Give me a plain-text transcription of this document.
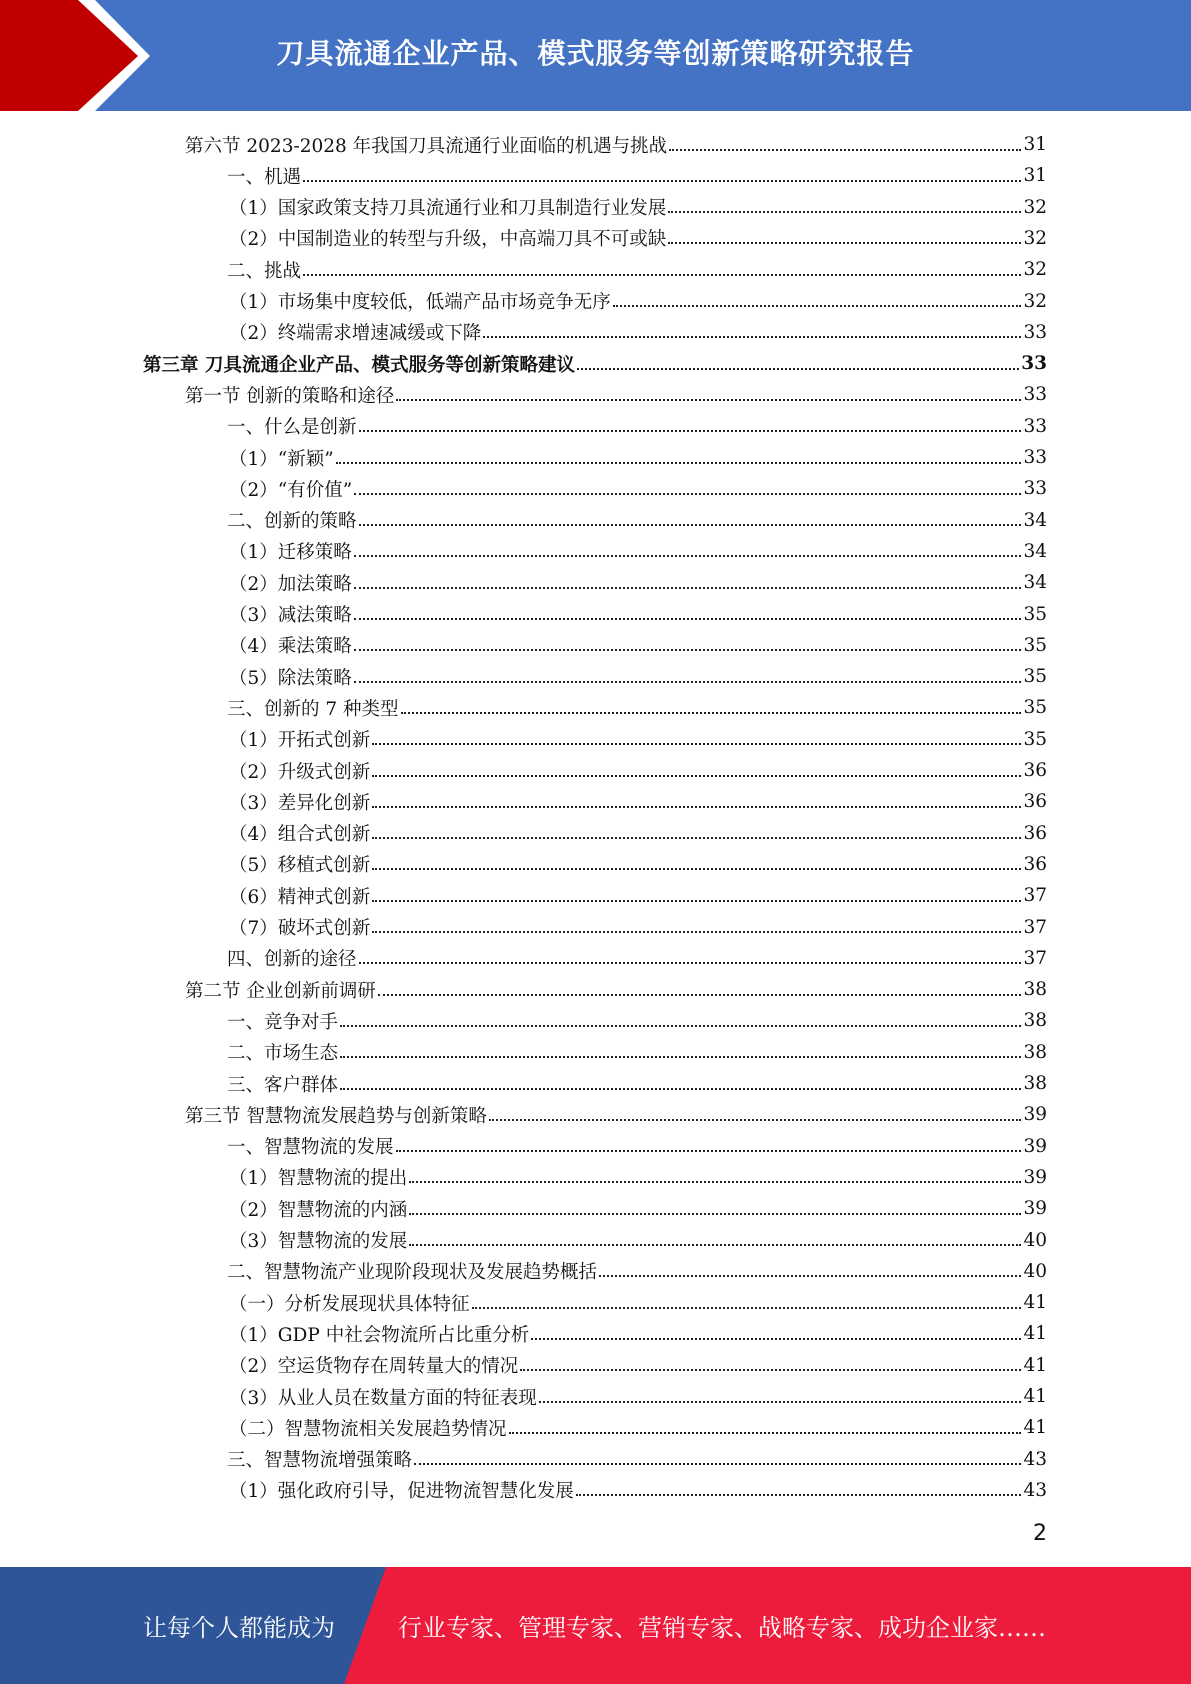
刀具流通企业产品、模式服务等创新策略研究报告
第六节 2023-2028 年我国刀具流通行业面临的机遇与挑战	31
一、机遇	31
（1）国家政策支持刀具流通行业和刀具制造行业发展	32
（2）中国制造业的转型与升级，中高端刀具不可或缺	32
二、挑战	32
（1）市场集中度较低，低端产品市场竞争无序	32
（2）终端需求增速减缓或下降	33
第三章 刀具流通企业产品、模式服务等创新策略建议	33
第一节 创新的策略和途径	33
一、什么是创新	33
（1）“新颖”	33
（2）“有价值”	33
二、创新的策略	34
（1）迁移策略	34
（2）加法策略	34
（3）减法策略	35
（4）乘法策略	35
（5）除法策略	35
三、创新的 7 种类型	35
（1）开拓式创新	35
（2）升级式创新	36
（3）差异化创新	36
（4）组合式创新	36
（5）移植式创新	36
（6）精神式创新	37
（7）破坏式创新	37
四、创新的途径	37
第二节 企业创新前调研	38
一、竞争对手	38
二、市场生态	38
三、客户群体	38
第三节 智慧物流发展趋势与创新策略	39
一、智慧物流的发展	39
（1）智慧物流的提出	39
（2）智慧物流的内涵	39
（3）智慧物流的发展	40
二、智慧物流产业现阶段现状及发展趋势概括	40
（一）分析发展现状具体特征	41
（1）GDP 中社会物流所占比重分析	41
（2）空运货物存在周转量大的情况	41
（3）从业人员在数量方面的特征表现	41
（二）智慧物流相关发展趋势情况	41
三、智慧物流增强策略	43
（1）强化政府引导，促进物流智慧化发展	43
2
让每个人都能成为	行业专家、管理专家、营销专家、战略专家、成功企业家……
